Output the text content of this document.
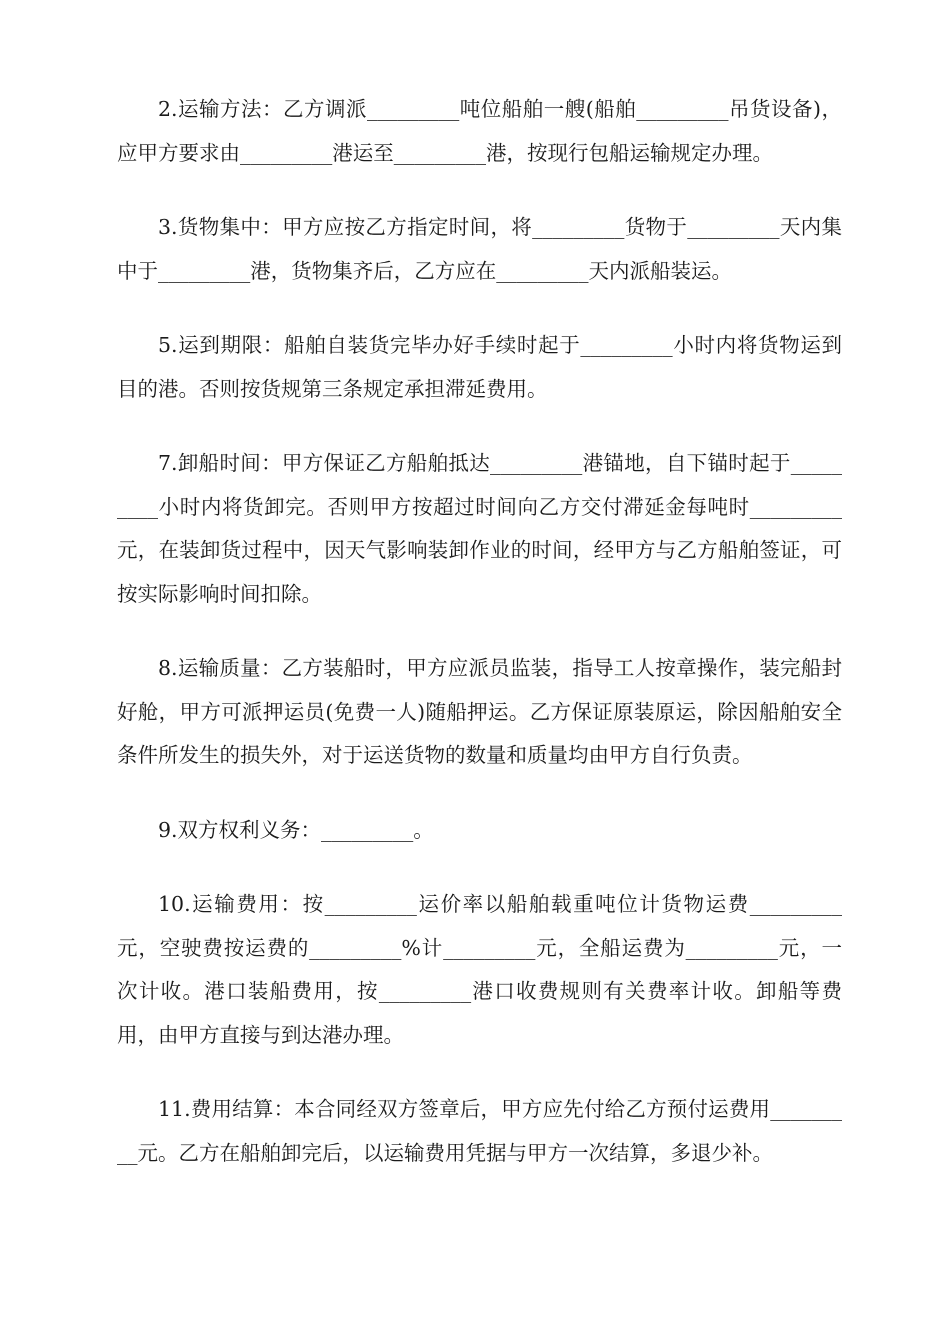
2.运输方法：乙方调派_________吨位船舶一艘(船舶_________吊货设备)，应甲方要求由_________港运至_________港，按现行包船运输规定办理。

3.货物集中：甲方应按乙方指定时间，将_________货物于_________天内集中于_________港，货物集齐后，乙方应在_________天内派船装运。

5.运到期限：船舶自装货完毕办好手续时起于_________小时内将货物运到目的港。否则按货规第三条规定承担滞延费用。

7.卸船时间：甲方保证乙方船舶抵达_________港锚地，自下锚时起于_________小时内将货卸完。否则甲方按超过时间向乙方交付滞延金每吨时_________元，在装卸货过程中，因天气影响装卸作业的时间，经甲方与乙方船舶签证，可按实际影响时间扣除。

8.运输质量：乙方装船时，甲方应派员监装，指导工人按章操作，装完船封好舱，甲方可派押运员(免费一人)随船押运。乙方保证原装原运，除因船舶安全条件所发生的损失外，对于运送货物的数量和质量均由甲方自行负责。

9.双方权利义务：_________。

10.运输费用：按_________运价率以船舶载重吨位计货物运费_________元，空驶费按运费的_________%计_________元，全船运费为_________元，一次计收。港口装船费用，按_________港口收费规则有关费率计收。卸船等费用，由甲方直接与到达港办理。

11.费用结算：本合同经双方签章后，甲方应先付给乙方预付运费用_________元。乙方在船舶卸完后，以运输费用凭据与甲方一次结算，多退少补。
